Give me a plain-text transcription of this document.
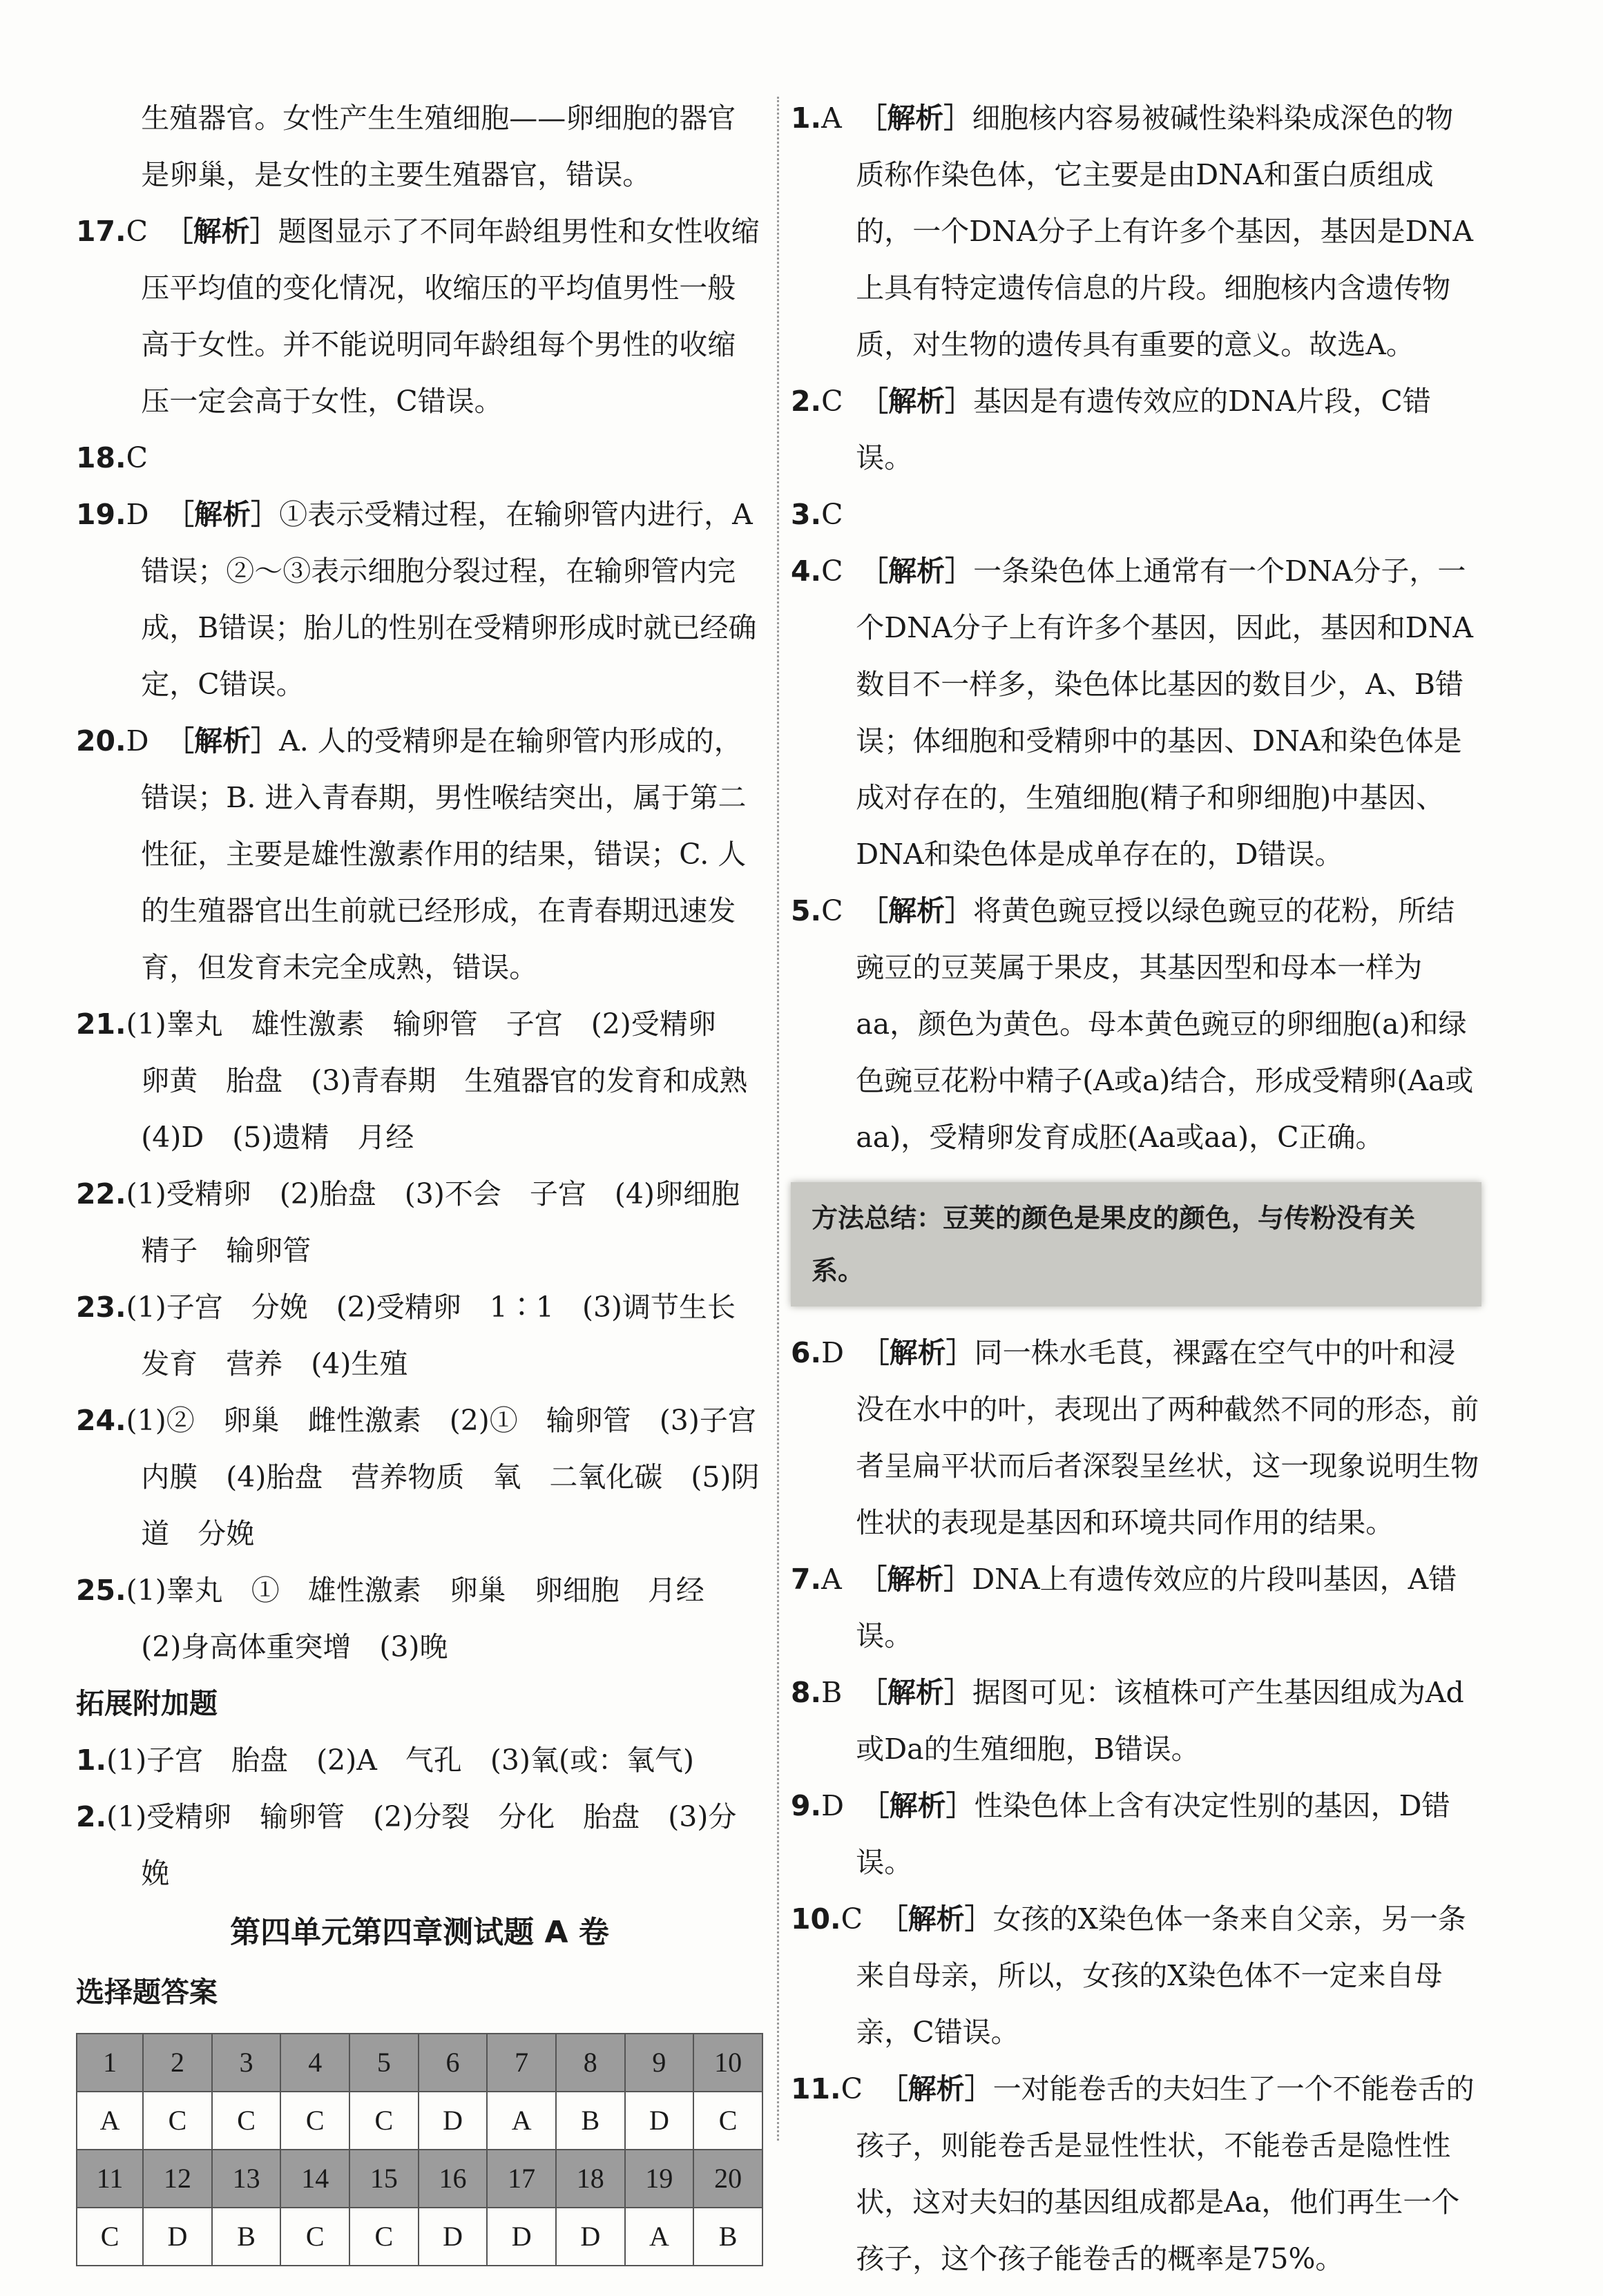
生殖器官。女性产生生殖细胞——卵细胞的器官是卵巢，是女性的主要生殖器官，错误。

17.C ［解析］题图显示了不同年龄组男性和女性收缩压平均值的变化情况，收缩压的平均值男性一般高于女性。并不能说明同年龄组每个男性的收缩压一定会高于女性，C错误。

18.C

19.D ［解析］①表示受精过程，在输卵管内进行，A错误；②～③表示细胞分裂过程，在输卵管内完成，B错误；胎儿的性别在受精卵形成时就已经确定，C错误。

20.D ［解析］A. 人的受精卵是在输卵管内形成的，错误；B. 进入青春期，男性喉结突出，属于第二性征，主要是雄性激素作用的结果，错误；C. 人的生殖器官出生前就已经形成，在青春期迅速发育，但发育未完全成熟，错误。

21.(1)睾丸　雄性激素　输卵管　子宫　(2)受精卵　卵黄　胎盘　(3)青春期　生殖器官的发育和成熟　(4)D　(5)遗精　月经

22.(1)受精卵　(2)胎盘　(3)不会　子宫　(4)卵细胞　精子　输卵管

23.(1)子宫　分娩　(2)受精卵　1∶1　(3)调节生长发育　营养　(4)生殖

24.(1)②　卵巢　雌性激素　(2)①　输卵管　(3)子宫内膜　(4)胎盘　营养物质　氧　二氧化碳　(5)阴道　分娩

25.(1)睾丸　①　雄性激素　卵巢　卵细胞　月经　(2)身高体重突增　(3)晚

拓展附加题

1.(1)子宫　胎盘　(2)A　气孔　(3)氧(或：氧气)

2.(1)受精卵　输卵管　(2)分裂　分化　胎盘　(3)分娩

第四单元第四章测试题 A 卷

选择题答案

1	2	3	4	5	6	7	8	9	10
A	C	C	C	C	D	A	B	D	C
11	12	13	14	15	16	17	18	19	20
C	D	B	C	C	D	D	D	A	B

1.A ［解析］细胞核内容易被碱性染料染成深色的物质称作染色体，它主要是由DNA和蛋白质组成的，一个DNA分子上有许多个基因，基因是DNA上具有特定遗传信息的片段。细胞核内含遗传物质，对生物的遗传具有重要的意义。故选A。

2.C ［解析］基因是有遗传效应的DNA片段，C错误。

3.C

4.C ［解析］一条染色体上通常有一个DNA分子，一个DNA分子上有许多个基因，因此，基因和DNA数目不一样多，染色体比基因的数目少，A、B错误；体细胞和受精卵中的基因、DNA和染色体是成对存在的，生殖细胞(精子和卵细胞)中基因、DNA和染色体是成单存在的，D错误。

5.C ［解析］将黄色豌豆授以绿色豌豆的花粉，所结豌豆的豆荚属于果皮，其基因型和母本一样为aa，颜色为黄色。母本黄色豌豆的卵细胞(a)和绿色豌豆花粉中精子(A或a)结合，形成受精卵(Aa或aa)，受精卵发育成胚(Aa或aa)，C正确。

方法总结：豆荚的颜色是果皮的颜色，与传粉没有关系。

6.D ［解析］同一株水毛茛，裸露在空气中的叶和浸没在水中的叶，表现出了两种截然不同的形态，前者呈扁平状而后者深裂呈丝状，这一现象说明生物性状的表现是基因和环境共同作用的结果。

7.A ［解析］DNA上有遗传效应的片段叫基因，A错误。

8.B ［解析］据图可见：该植株可产生基因组成为Ad或Da的生殖细胞，B错误。

9.D ［解析］性染色体上含有决定性别的基因，D错误。

10.C ［解析］女孩的X染色体一条来自父亲，另一条来自母亲，所以，女孩的X染色体不一定来自母亲，C错误。

11.C ［解析］一对能卷舌的夫妇生了一个不能卷舌的孩子，则能卷舌是显性性状，不能卷舌是隐性性状，这对夫妇的基因组成都是Aa，他们再生一个孩子，这个孩子能卷舌的概率是75%。
